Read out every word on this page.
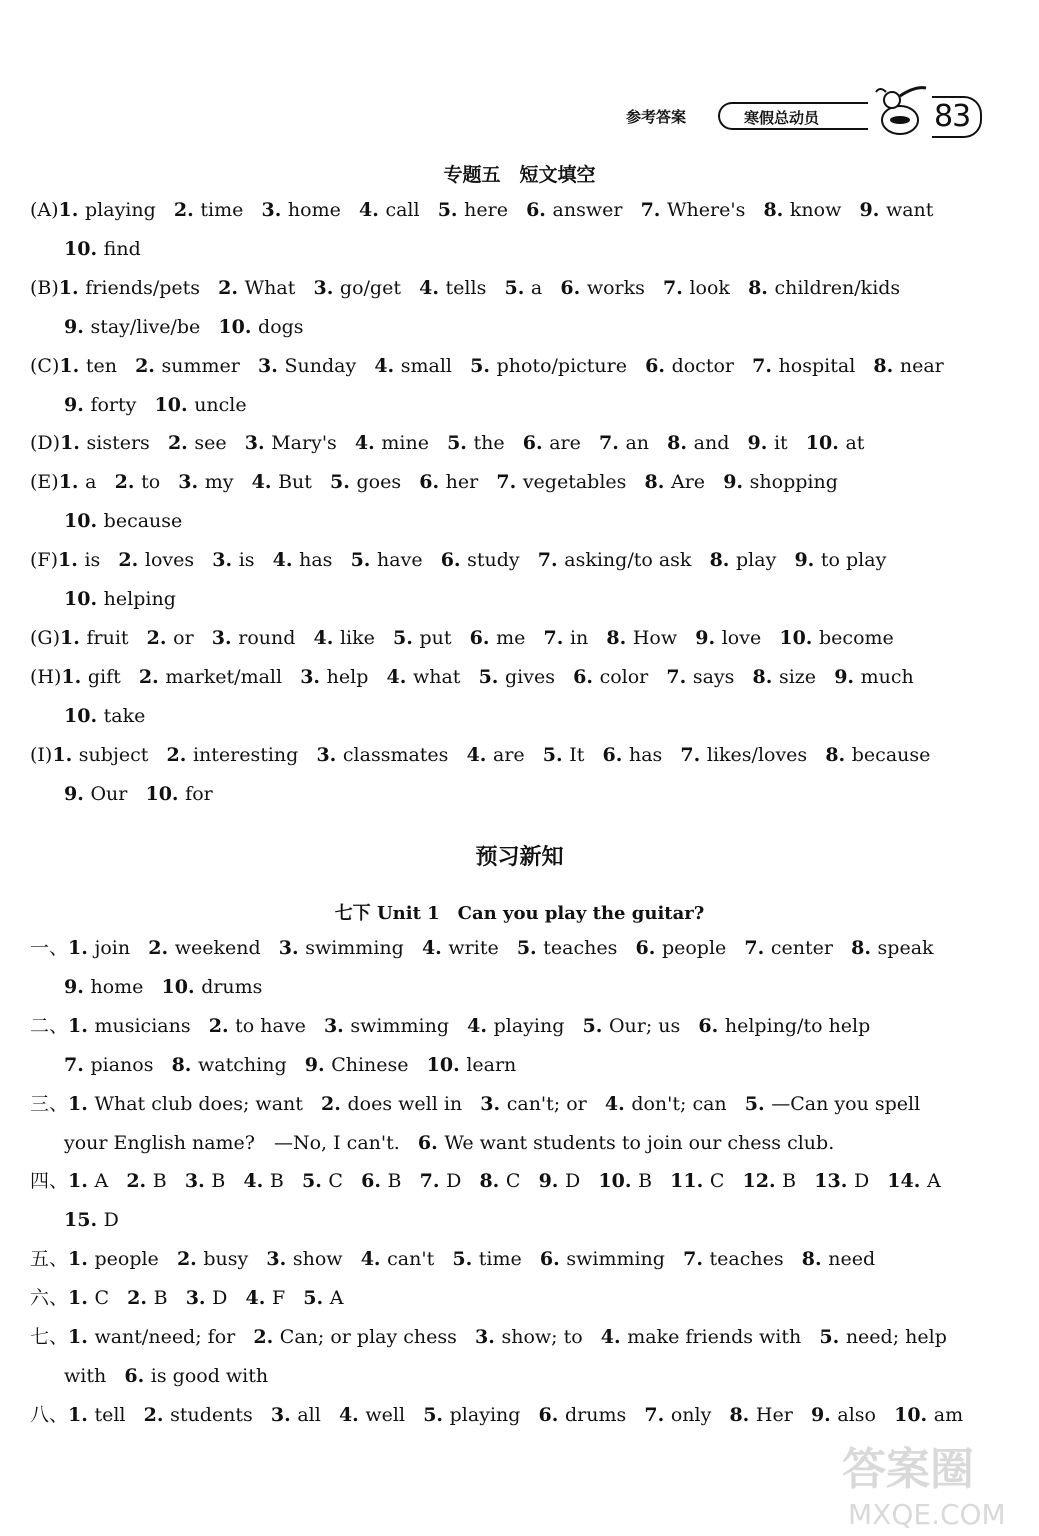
参考答案	寒假总动员	83
专题五　短文填空
(A)1. playing 2. time 3. home 4. call 5. here 6. answer 7. Where's 8. know 9. want
10. find
(B)1. friends/pets 2. What 3. go/get 4. tells 5. a 6. works 7. look 8. children/kids
9. stay/live/be 10. dogs
(C)1. ten 2. summer 3. Sunday 4. small 5. photo/picture 6. doctor 7. hospital 8. near
9. forty 10. uncle
(D)1. sisters 2. see 3. Mary's 4. mine 5. the 6. are 7. an 8. and 9. it 10. at
(E)1. a 2. to 3. my 4. But 5. goes 6. her 7. vegetables 8. Are 9. shopping
10. because
(F)1. is 2. loves 3. is 4. has 5. have 6. study 7. asking/to ask 8. play 9. to play
10. helping
(G)1. fruit 2. or 3. round 4. like 5. put 6. me 7. in 8. How 9. love 10. become
(H)1. gift 2. market/mall 3. help 4. what 5. gives 6. color 7. says 8. size 9. much
10. take
(I)1. subject 2. interesting 3. classmates 4. are 5. It 6. has 7. likes/loves 8. because
9. Our 10. for
预习新知
七下 Unit 1　Can you play the guitar?
一、1. join 2. weekend 3. swimming 4. write 5. teaches 6. people 7. center 8. speak
9. home 10. drums
二、1. musicians 2. to have 3. swimming 4. playing 5. Our; us 6. helping/to help
7. pianos 8. watching 9. Chinese 10. learn
三、1. What club does; want 2. does well in 3. can't; or 4. don't; can 5. —Can you spell
your English name?　—No, I can't. 6. We want students to join our chess club.
四、1. A 2. B 3. B 4. B 5. C 6. B 7. D 8. C 9. D 10. B 11. C 12. B 13. D 14. A
15. D
五、1. people 2. busy 3. show 4. can't 5. time 6. swimming 7. teaches 8. need
六、1. C 2. B 3. D 4. F 5. A
七、1. want/need; for 2. Can; or play chess 3. show; to 4. make friends with 5. need; help
with 6. is good with
八、1. tell 2. students 3. all 4. well 5. playing 6. drums 7. only 8. Her 9. also 10. am
答案圈
MXQE.COM
